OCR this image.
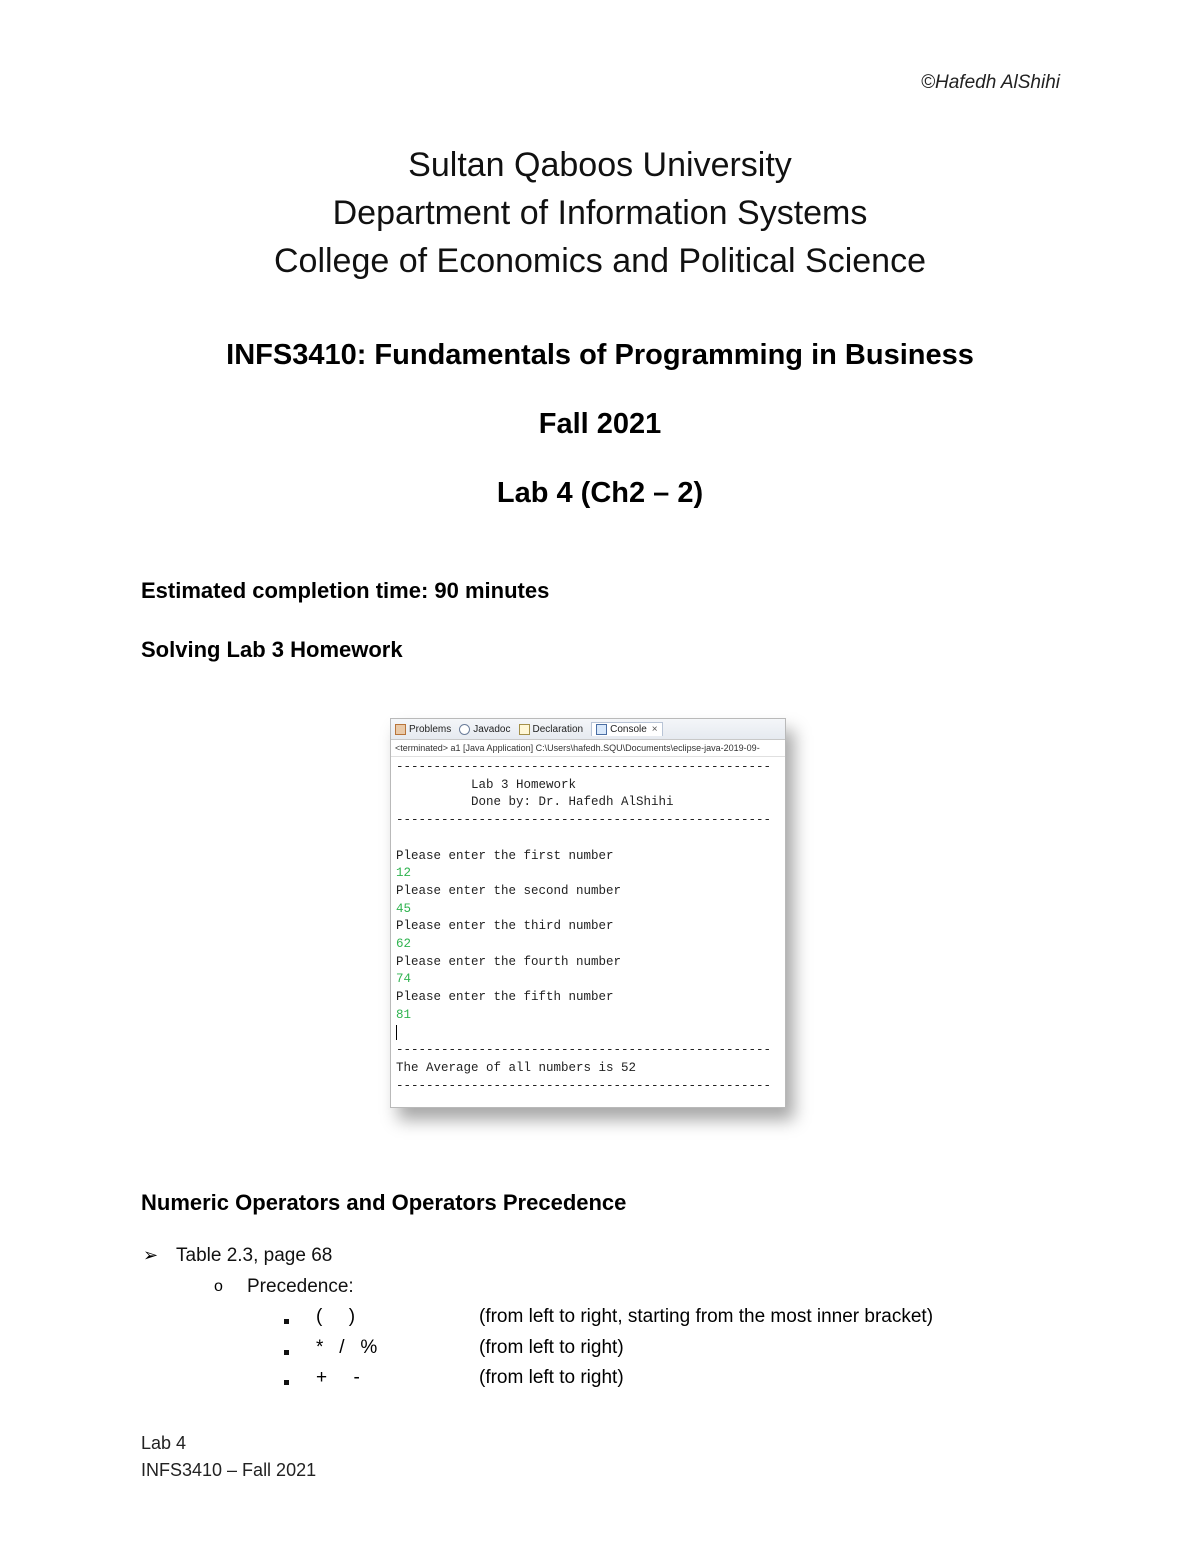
©Hafedh AlShihi
Sultan Qaboos University
Department of Information Systems
College of Economics and Political Science
INFS3410: Fundamentals of Programming in Business
Fall 2021
Lab 4 (Ch2 – 2)
Estimated completion time: 90 minutes
Solving Lab 3 Homework
Problems Javadoc Declaration	Console ×
<terminated> a1 [Java Application] C:\Users\hafedh.SQU\Documents\eclipse-java-2019-09-
--------------------------------------------------
Lab 3 Homework
Done by: Dr. Hafedh AlShihi
--------------------------------------------------

Please enter the first number
12
Please enter the second number
45
Please enter the third number
62
Please enter the fourth number
74
Please enter the fifth number
81
--------------------------------------------------
The Average of all numbers is 52
--------------------------------------------------
Numeric Operators and Operators Precedence
➢ Table 2.3, page 68
o Precedence:
(     )	(from left to right, starting from the most inner bracket)
*   /   %	(from left to right)
+     -	(from left to right)
Lab 4
INFS3410 – Fall 2021
